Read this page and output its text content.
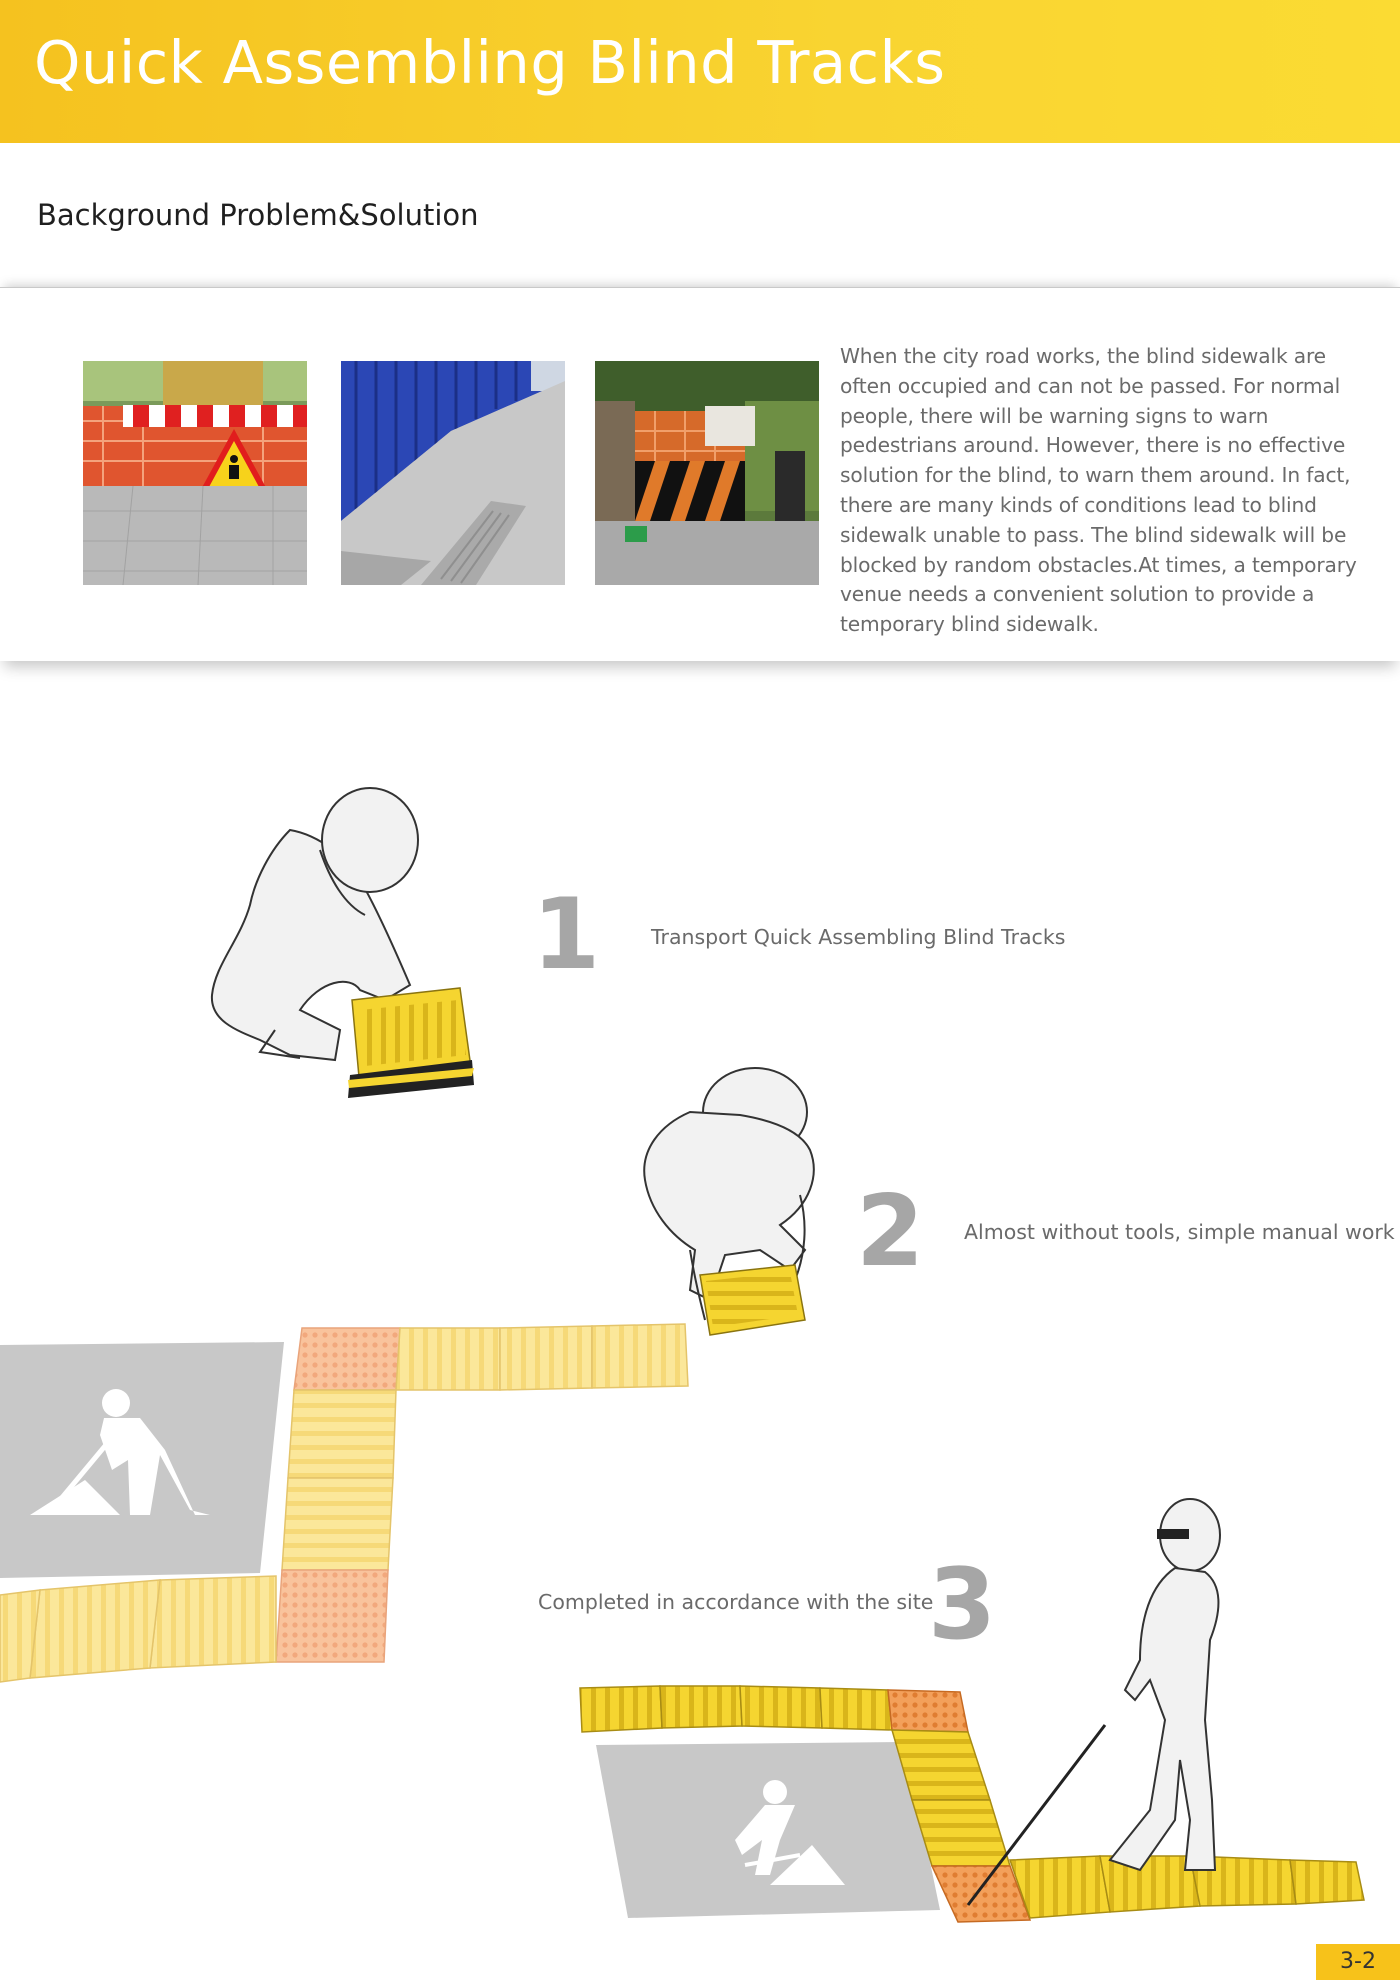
Quick Assembling Blind Tracks
Background Problem&Solution
When the city road works, the blind sidewalk are often occupied and can not be passed. For normal people, there will be warning signs to warn pedestrians around. However, there is no effective solution for the blind, to warn them around. In fact, there are many kinds of conditions lead to blind sidewalk unable to pass. The blind sidewalk will be blocked by random obstacles.At times, a temporary venue needs a convenient solution to provide a temporary blind sidewalk.
1 Transport Quick Assembling Blind Tracks
2 Almost without tools, simple manual work
3
Completed in accordance with the site
3-2
